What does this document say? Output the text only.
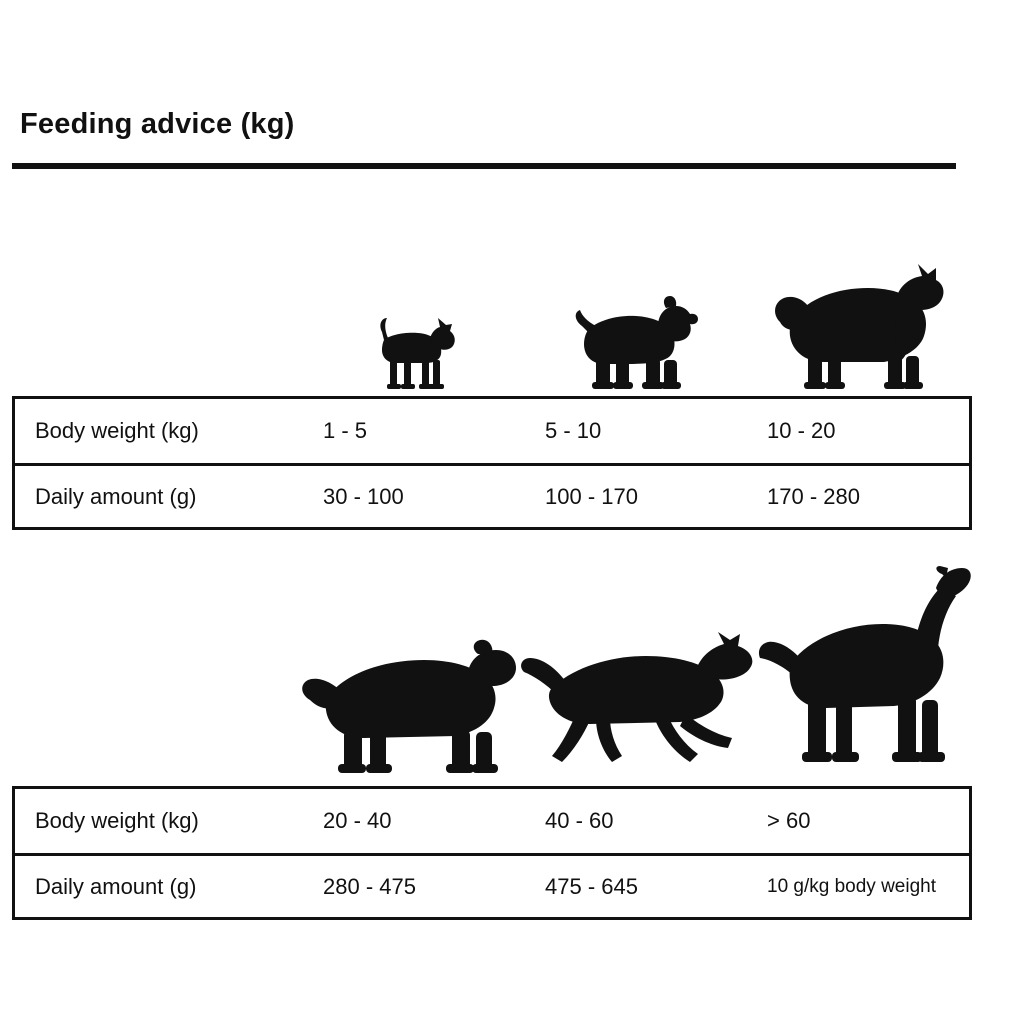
Feeding advice (kg)
Body weight (kg)	1 - 5	5 - 10	10 - 20
Daily amount (g)	30 - 100	100 - 170	170 - 280
Body weight (kg)	20 - 40	40 - 60	> 60
Daily amount (g)	280 - 475	475 - 645	10 g/kg body weight
